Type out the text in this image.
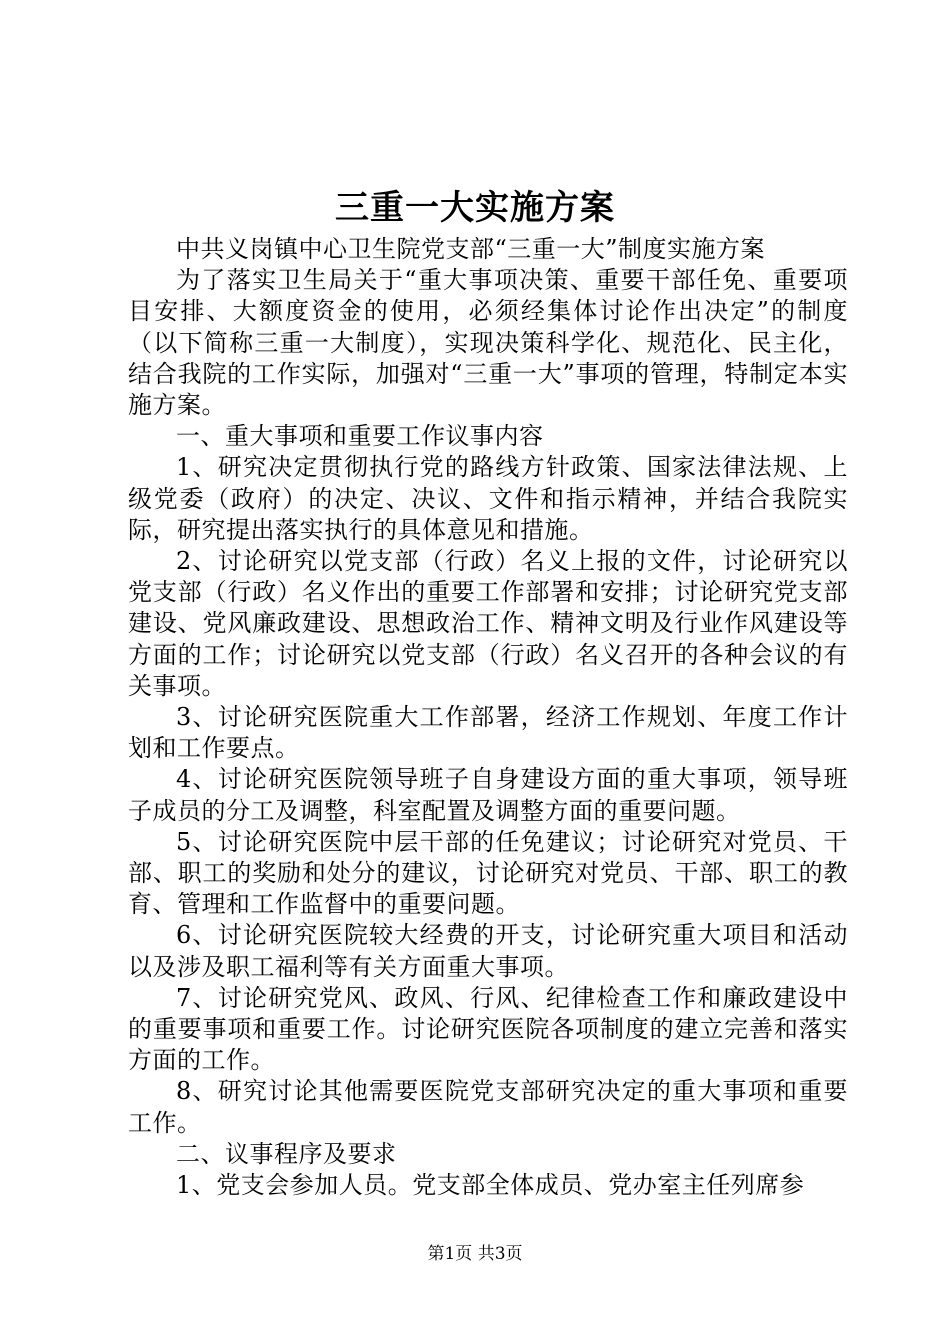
三重一大实施方案

中共义岗镇中心卫生院党支部“三重一大”制度实施方案

为了落实卫生局关于“重大事项决策、重要干部任免、重要项目安排、大额度资金的使用，必须经集体讨论作出决定”的制度（以下简称三重一大制度），实现决策科学化、规范化、民主化，结合我院的工作实际，加强对“三重一大”事项的管理，特制定本实施方案。

一、重大事项和重要工作议事内容

1、研究决定贯彻执行党的路线方针政策、国家法律法规、上级党委（政府）的决定、决议、文件和指示精神，并结合我院实际，研究提出落实执行的具体意见和措施。

2、讨论研究以党支部（行政）名义上报的文件，讨论研究以党支部（行政）名义作出的重要工作部署和安排；讨论研究党支部建设、党风廉政建设、思想政治工作、精神文明及行业作风建设等方面的工作；讨论研究以党支部（行政）名义召开的各种会议的有关事项。

3、讨论研究医院重大工作部署，经济工作规划、年度工作计划和工作要点。

4、讨论研究医院领导班子自身建设方面的重大事项，领导班子成员的分工及调整，科室配置及调整方面的重要问题。

5、讨论研究医院中层干部的任免建议；讨论研究对党员、干部、职工的奖励和处分的建议，讨论研究对党员、干部、职工的教育、管理和工作监督中的重要问题。

6、讨论研究医院较大经费的开支，讨论研究重大项目和活动以及涉及职工福利等有关方面重大事项。

7、讨论研究党风、政风、行风、纪律检查工作和廉政建设中的重要事项和重要工作。讨论研究医院各项制度的建立完善和落实方面的工作。

8、研究讨论其他需要医院党支部研究决定的重大事项和重要工作。

二、议事程序及要求

1、党支会参加人员。党支部全体成员、党办室主任列席参

第1页 共3页
